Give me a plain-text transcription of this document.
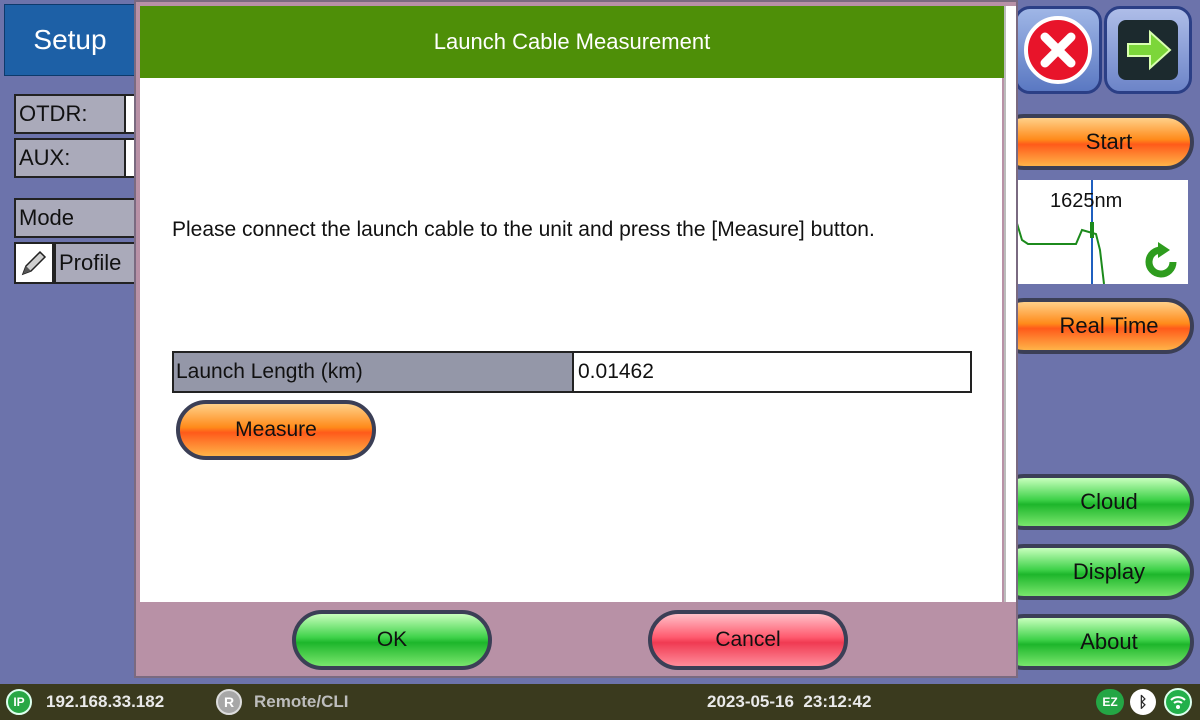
Setup
OTDR:
AUX:
Mode
Profile
Start
1625nm
Real Time
Cloud
Display
About
Launch Cable Measurement
Please connect the launch cable to the unit and press the [Measure] button.
Launch Length (km)
0.01462
Measure
OK	Cancel
IP	192.168.33.182	R	Remote/CLI	2023-05-16  23:12:42	EZ	ᛒ
